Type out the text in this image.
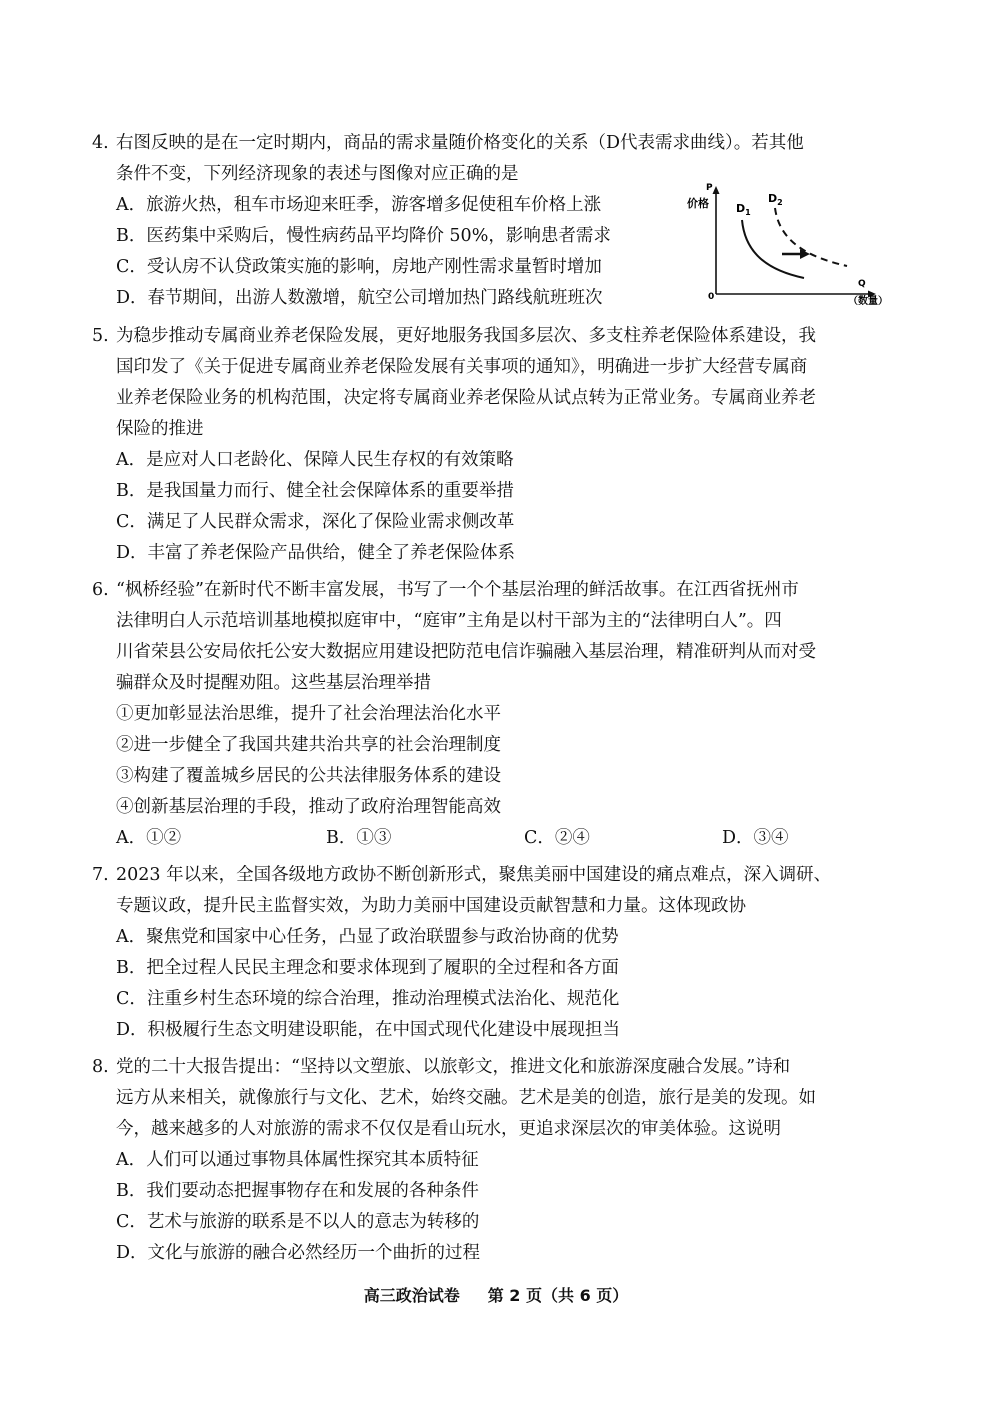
4. 右图反映的是在一定时期内，商品的需求量随价格变化的关系（D代表需求曲线）。若其他
条件不变，下列经济现象的表述与图像对应正确的是
A．旅游火热，租车市场迎来旺季，游客增多促使租车价格上涨
B．医药集中采购后，慢性病药品平均降价 50%，影响患者需求
C．受认房不认贷政策实施的影响，房地产刚性需求量暂时增加
D．春节期间，出游人数激增，航空公司增加热门路线航班班次
P
价格
0
Q
（数量）
$D_1$
$D_2$
5. 为稳步推动专属商业养老保险发展，更好地服务我国多层次、多支柱养老保险体系建设，我
国印发了《关于促进专属商业养老保险发展有关事项的通知》，明确进一步扩大经营专属商
业养老保险业务的机构范围，决定将专属商业养老保险从试点转为正常业务。专属商业养老
保险的推进
A．是应对人口老龄化、保障人民生存权的有效策略
B．是我国量力而行、健全社会保障体系的重要举措
C．满足了人民群众需求，深化了保险业需求侧改革
D．丰富了养老保险产品供给，健全了养老保险体系
6. “枫桥经验”在新时代不断丰富发展，书写了一个个基层治理的鲜活故事。在江西省抚州市
法律明白人示范培训基地模拟庭审中，“庭审”主角是以村干部为主的“法律明白人”。四
川省荣县公安局依托公安大数据应用建设把防范电信诈骗融入基层治理，精准研判从而对受
骗群众及时提醒劝阻。这些基层治理举措
①更加彰显法治思维，提升了社会治理法治化水平
②进一步健全了我国共建共治共享的社会治理制度
③构建了覆盖城乡居民的公共法律服务体系的建设
④创新基层治理的手段，推动了政府治理智能高效
A．①②	B．①③	C．②④	D．③④
7. 2023 年以来，全国各级地方政协不断创新形式，聚焦美丽中国建设的痛点难点，深入调研、
专题议政，提升民主监督实效，为助力美丽中国建设贡献智慧和力量。这体现政协
A．聚焦党和国家中心任务，凸显了政治联盟参与政治协商的优势
B．把全过程人民民主理念和要求体现到了履职的全过程和各方面
C．注重乡村生态环境的综合治理，推动治理模式法治化、规范化
D．积极履行生态文明建设职能，在中国式现代化建设中展现担当
8. 党的二十大报告提出：“坚持以文塑旅、以旅彰文，推进文化和旅游深度融合发展。”诗和
远方从来相关，就像旅行与文化、艺术，始终交融。艺术是美的创造，旅行是美的发现。如
今，越来越多的人对旅游的需求不仅仅是看山玩水，更追求深层次的审美体验。这说明
A．人们可以通过事物具体属性探究其本质特征
B．我们要动态把握事物存在和发展的各种条件
C．艺术与旅游的联系是不以人的意志为转移的
D．文化与旅游的融合必然经历一个曲折的过程
高三政治试卷 第 2 页（共 6 页）
